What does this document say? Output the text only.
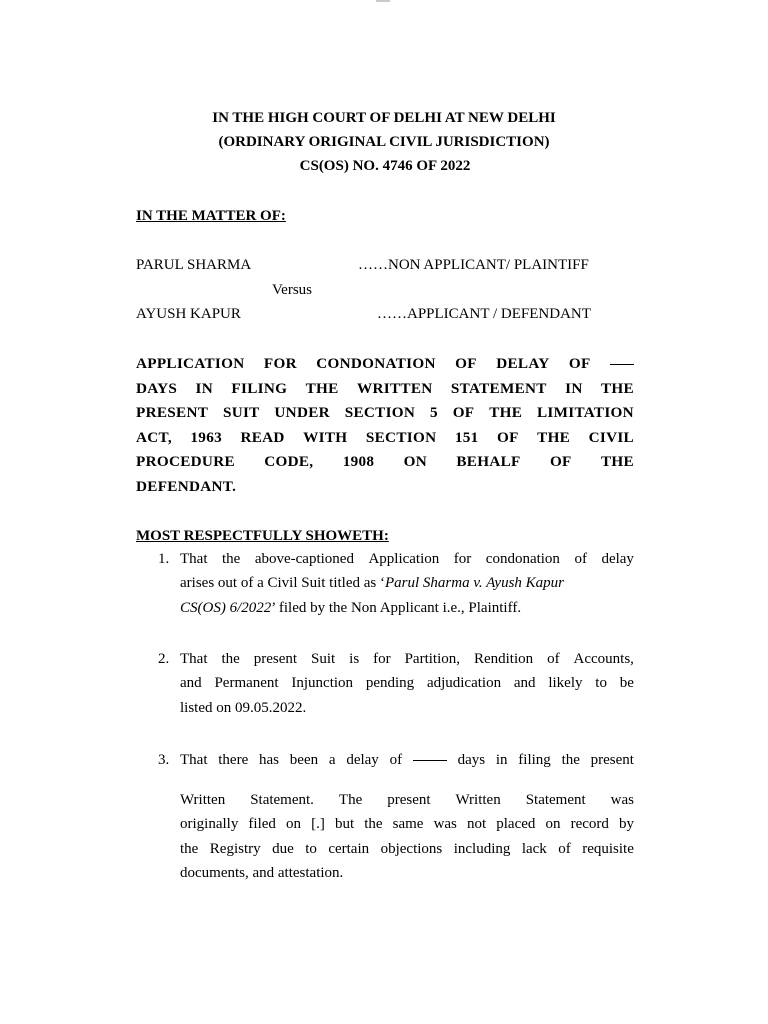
IN THE HIGH COURT OF DELHI AT NEW DELHI
(ORDINARY ORIGINAL CIVIL JURISDICTION)
CS(OS) NO. 4746 OF 2022
IN THE MATTER OF:
PARUL SHARMA	……NON APPLICANT/ PLAINTIFF
Versus
AYUSH KAPUR	……APPLICANT / DEFENDANT
APPLICATION FOR CONDONATION OF DELAY OF
DAYS IN FILING THE WRITTEN STATEMENT IN THE
PRESENT SUIT UNDER SECTION 5 OF THE LIMITATION
ACT, 1963 READ WITH SECTION 151 OF THE CIVIL
PROCEDURE CODE, 1908 ON BEHALF OF THE
DEFENDANT.
MOST RESPECTFULLY SHOWETH:
1. That the above-captioned Application for condonation of delay
arises out of a Civil Suit titled as ‘Parul Sharma v. Ayush Kapur
CS(OS) 6/2022’ filed by the Non Applicant i.e., Plaintiff.
2. That the present Suit is for Partition, Rendition of Accounts,
and Permanent Injunction pending adjudication and likely to be
listed on 09.05.2022.
3. That there has been a delay of	days in filing the present
Written Statement. The present Written Statement was
originally filed on [.] but the same was not placed on record by
the Registry due to certain objections including lack of requisite
documents, and attestation.
